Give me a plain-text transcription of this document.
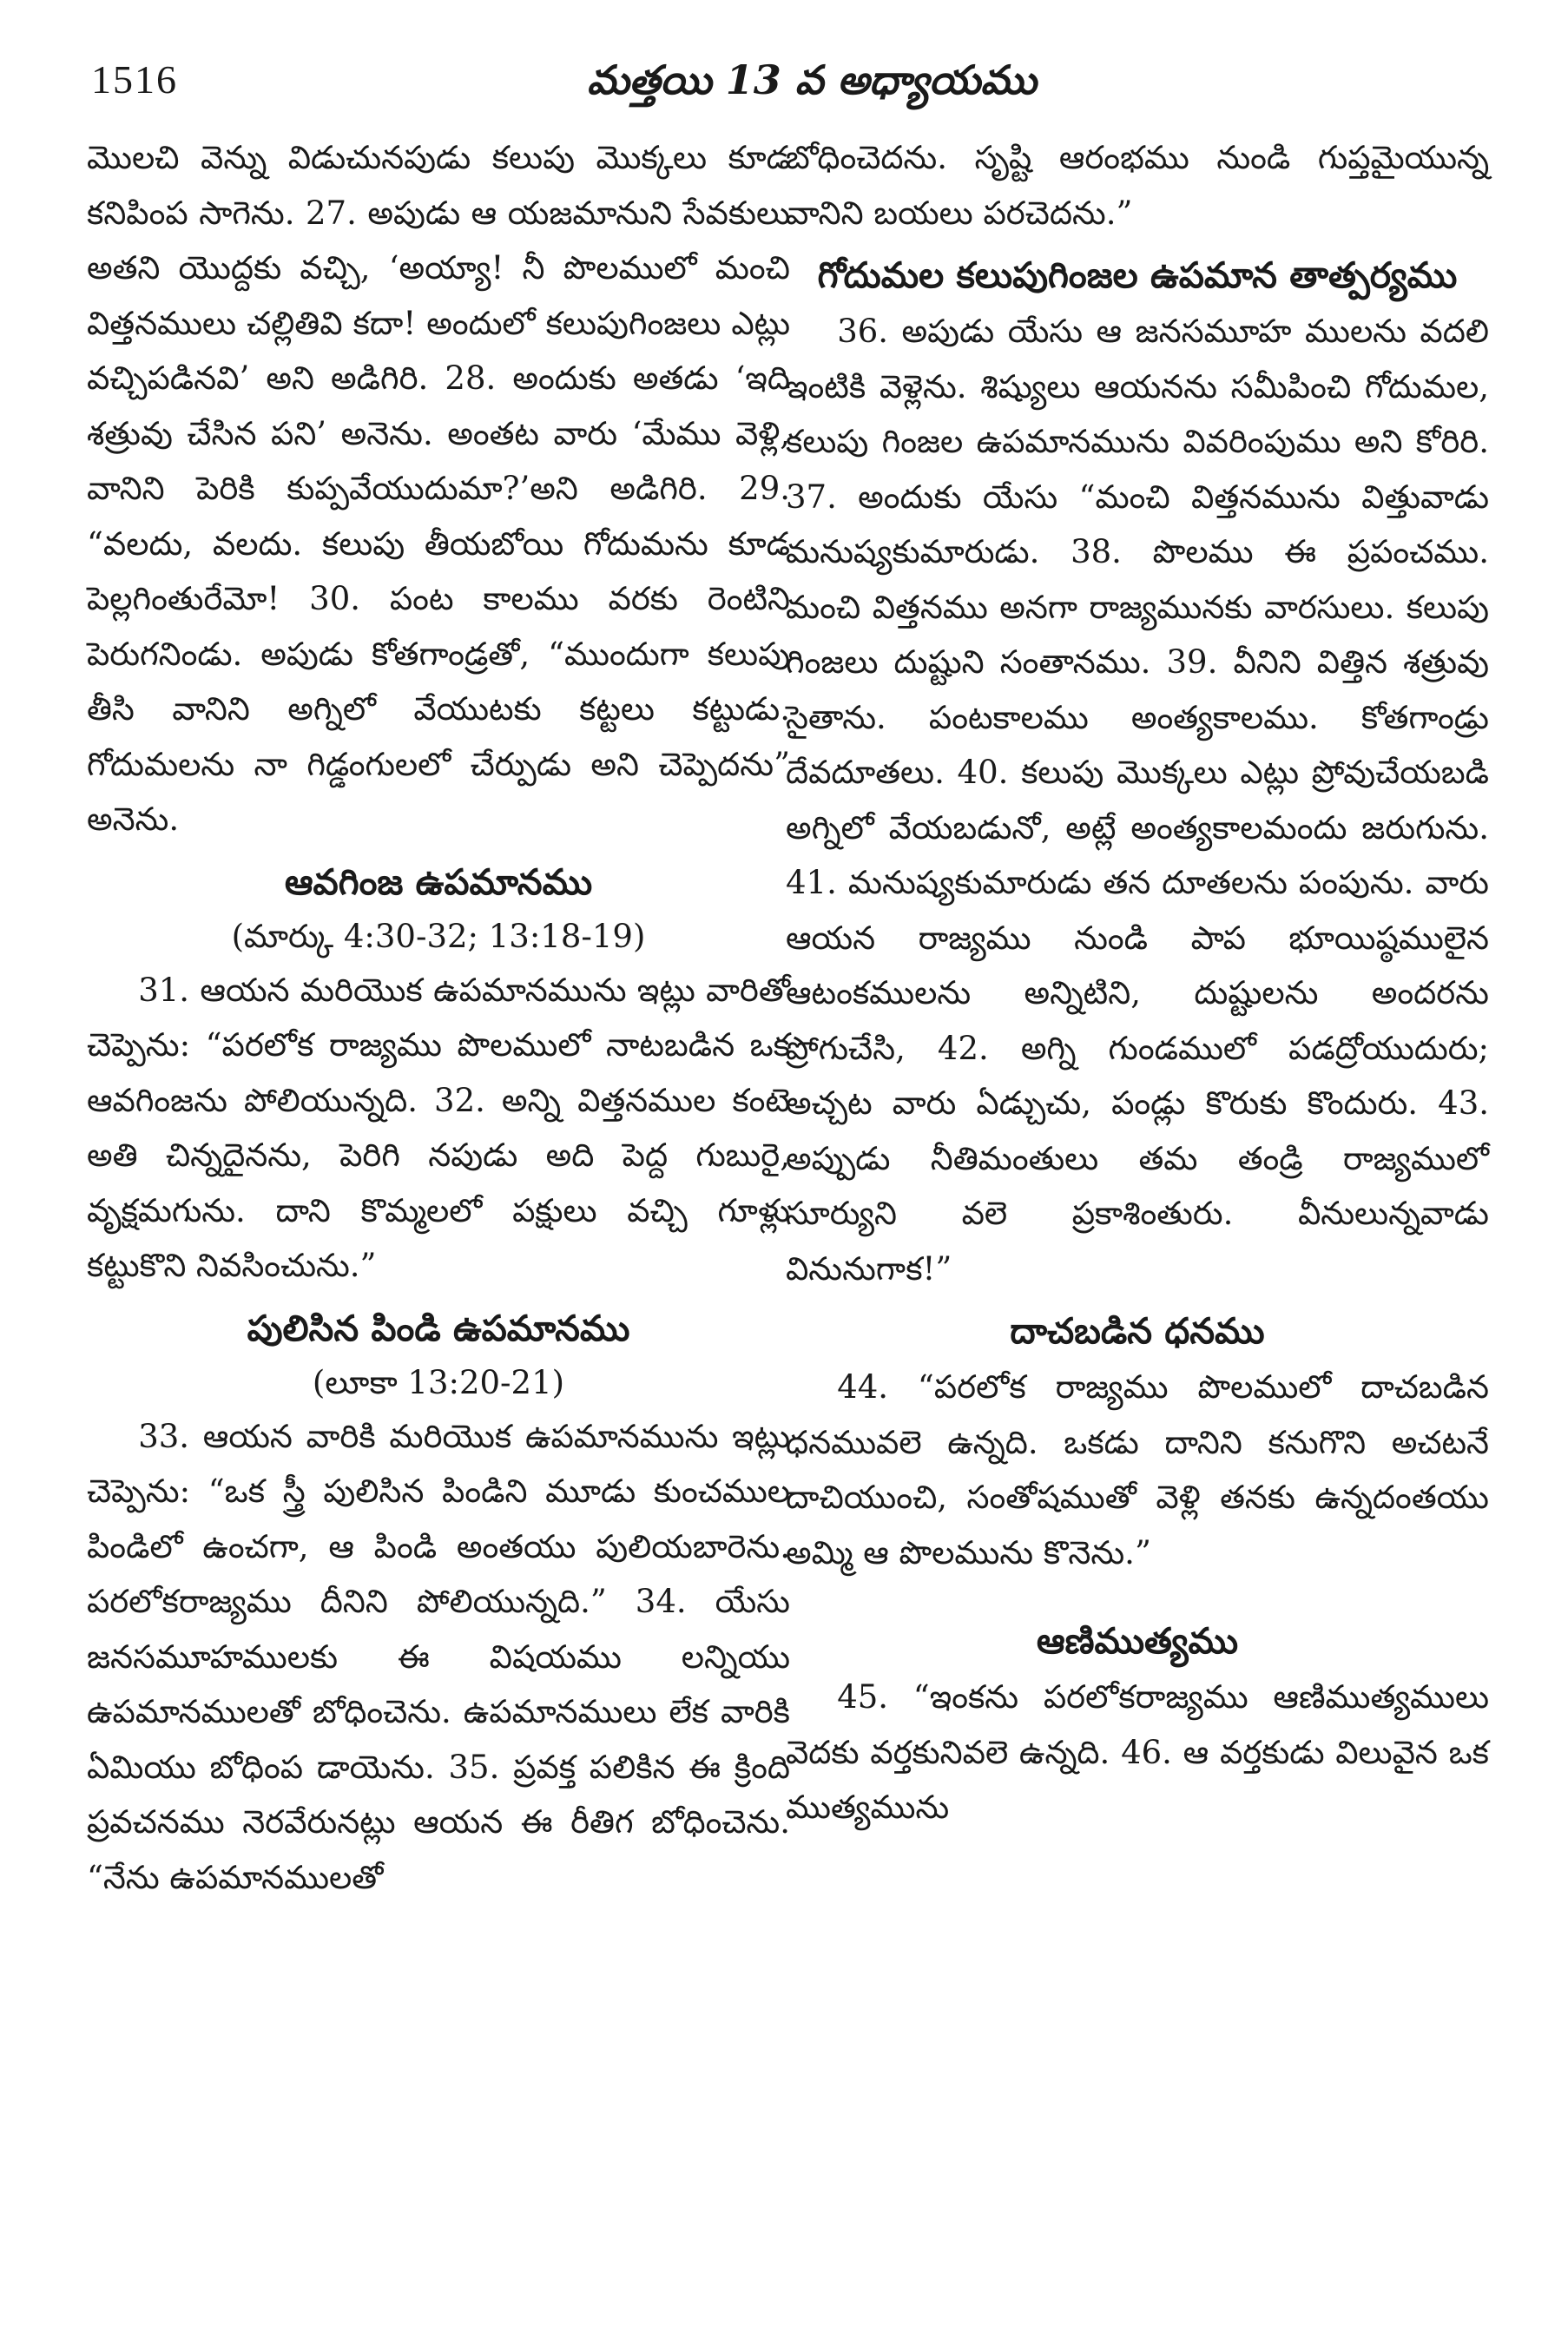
1516	మత్తయి 13 వ అధ్యాయము

మొలచి వెన్ను విడుచునపుడు కలుపు మొక్కలు కూడ కనిపింప సాగెను. 27. అపుడు ఆ యజమానుని సేవకులు అతని యొద్దకు వచ్చి, ‘అయ్యా! నీ పొలములో మంచి విత్తనములు చల్లితివి కదా! అందులో కలుపుగింజలు ఎట్లు వచ్చిపడినవి’ అని అడిగిరి. 28. అందుకు అతడు ‘ఇది శత్రువు చేసిన పని’ అనెను. అంతట వారు ‘మేము వెళ్లి, వానిని పెరికి కుప్పవేయుదుమా?’అని అడిగిరి. 29. “వలదు, వలదు. కలుపు తీయబోయి గోదుమను కూడ పెల్లగింతురేమో! 30. పంట కాలము వరకు రెంటిని పెరుగనిండు. అపుడు కోతగాండ్రతో, “ముందుగా కలుపు తీసి వానిని అగ్నిలో వేయుటకు కట్టలు కట్టుడు. గోదుమలను నా గిడ్డంగులలో చేర్పుడు అని చెప్పెదను” అనెను.

ఆవగింజ ఉపమానము
(మార్కు 4:30-32; 13:18-19)

31. ఆయన మరియొక ఉపమానమును ఇట్లు వారితో చెప్పెను: “పరలోక రాజ్యము పొలములో నాటబడిన ఒక ఆవగింజను పోలియున్నది. 32. అన్ని విత్తనముల కంటె అతి చిన్నదైనను, పెరిగి నపుడు అది పెద్ద గుబురై, వృక్షమగును. దాని కొమ్మలలో పక్షులు వచ్చి గూళ్లు కట్టుకొని నివసించును.”

పులిసిన పిండి ఉపమానము
(లూకా 13:20-21)

33. ఆయన వారికి మరియొక ఉపమానమును ఇట్లు చెప్పెను: “ఒక స్త్రీ పులిసిన పిండిని మూడు కుంచముల పిండిలో ఉంచగా, ఆ పిండి అంతయు పులియబారెను. పరలోకరాజ్యము దీనిని పోలియున్నది.” 34. యేసు జనసమూహములకు ఈ విషయము లన్నియు ఉపమానములతో బోధించెను. ఉపమానములు లేక వారికి ఏమియు బోధింప డాయెను. 35. ప్రవక్త పలికిన ఈ క్రింది ప్రవచనము నెరవేరునట్లు ఆయన ఈ రీతిగ బోధించెను. “నేను ఉపమానములతో

బోధించెదను. సృష్టి ఆరంభము నుండి గుప్తమైయున్న వానిని బయలు పరచెదను.”

గోదుమల కలుపుగింజల ఉపమాన తాత్పర్యము

36. అపుడు యేసు ఆ జనసమూహ ములను వదలి ఇంటికి వెళ్లెను. శిష్యులు ఆయనను సమీపించి గోదుమల, కలుపు గింజల ఉపమానమును వివరింపుము అని కోరిరి. 37. అందుకు యేసు “మంచి విత్తనమును విత్తువాడు మనుష్యకుమారుడు. 38. పొలము ఈ ప్రపంచము. మంచి విత్తనము అనగా రాజ్యమునకు వారసులు. కలుపు గింజలు దుష్టుని సంతానము. 39. వీనిని విత్తిన శత్రువు సైతాను. పంటకాలము అంత్యకాలము. కోతగాండ్రు దేవదూతలు. 40. కలుపు మొక్కలు ఎట్లు ప్రోవుచేయబడి అగ్నిలో వేయబడునో, అట్లే అంత్యకాలమందు జరుగును. 41. మనుష్యకుమారుడు తన దూతలను పంపును. వారు ఆయన రాజ్యము నుండి పాప భూయిష్ఠములైన ఆటంకములను అన్నిటిని, దుష్టులను అందరను ప్రోగుచేసి, 42. అగ్ని గుండములో పడద్రోయుదురు; అచ్చట వారు ఏడ్చుచు, పండ్లు కొరుకు కొందురు. 43. అప్పుడు నీతిమంతులు తమ తండ్రి రాజ్యములో సూర్యుని వలె ప్రకాశింతురు. వీనులున్నవాడు వినునుగాక!”

దాచబడిన ధనము

44. “పరలోక రాజ్యము పొలములో దాచబడిన ధనమువలె ఉన్నది. ఒకడు దానిని కనుగొని అచటనే దాచియుంచి, సంతోషముతో వెళ్లి తనకు ఉన్నదంతయు అమ్మి ఆ పొలమును కొనెను.”

ఆణిముత్యము

45. “ఇంకను పరలోకరాజ్యము ఆణిముత్యములు వెదకు వర్తకునివలె ఉన్నది. 46. ఆ వర్తకుడు విలువైన ఒక ముత్యమును
